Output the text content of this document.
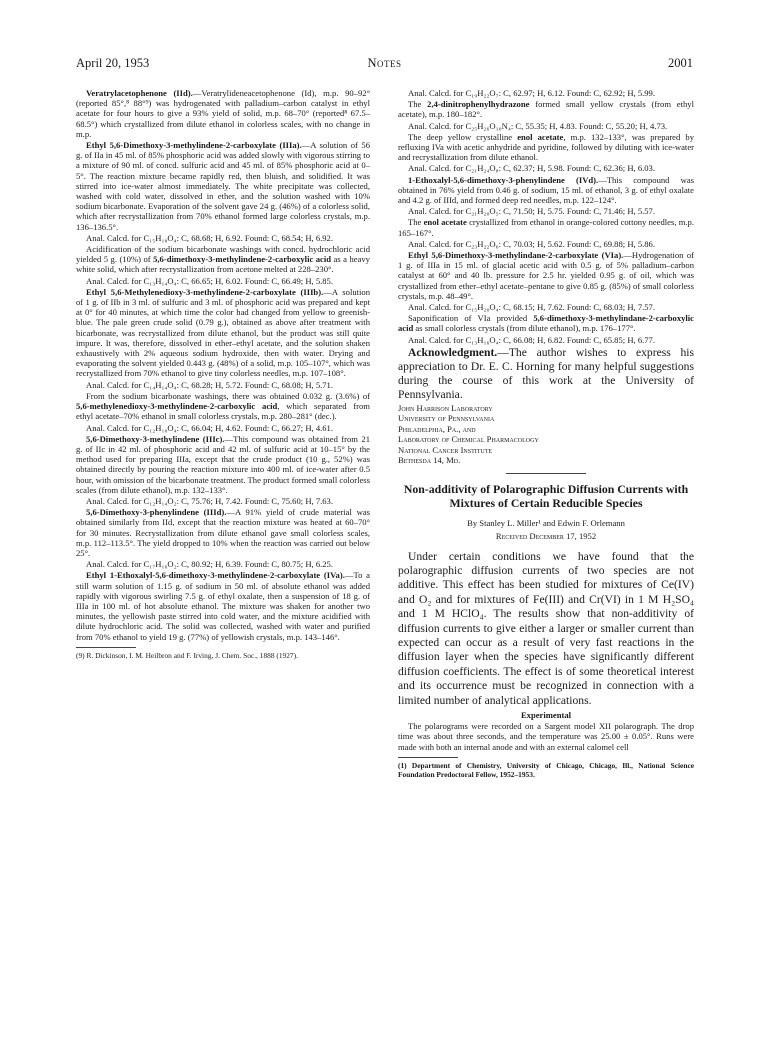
April 20, 1953	Notes	2001

Veratrylacetophenone (IId).—Veratrylideneacetophenone (Id), m.p. 90–92° (reported 85°,⁸ 88°⁹) was hydrogenated with palladium–carbon catalyst in ethyl acetate for four hours to give a 93% yield of solid, m.p. 68–70° (reported⁸ 67.5–68.5°) which crystallized from dilute ethanol in colorless scales, with no change in m.p.

Ethyl 5,6-Dimethoxy-3-methylindene-2-carboxylate (IIIa).—A solution of 56 g. of IIa in 45 ml. of 85% phosphoric acid was added slowly with vigorous stirring to a mixture of 90 ml. of concd. sulfuric acid and 45 ml. of 85% phosphoric acid at 0–5°. The reaction mixture became rapidly red, then bluish, and solidified. It was stirred into ice-water almost immediately. The white precipitate was collected, washed with cold water, dissolved in ether, and the solution washed with 10% sodium bicarbonate. Evaporation of the solvent gave 24 g. (46%) of a colorless solid, which after recrystallization from 70% ethanol formed large colorless crystals, m.p. 136–136.5°.

Anal. Calcd. for C₁₅H₁₈O₄: C, 68.68; H, 6.92. Found: C, 68.54; H, 6.92.

Acidification of the sodium bicarbonate washings with concd. hydrochloric acid yielded 5 g. (10%) of 5,6-dimethoxy-3-methylindene-2-carboxylic acid as a heavy white solid, which after recrystallization from acetone melted at 228–230°.

Anal. Calcd. for C₁₃H₁₄O₄: C, 66.65; H, 6.02. Found: C, 66.49; H, 5.85.

Ethyl 5,6-Methylenedioxy-3-methylindene-2-carboxylate (IIIb).—A solution of 1 g. of IIb in 3 ml. of sulfuric and 3 ml. of phosphoric acid was prepared and kept at 0° for 40 minutes, at which time the color had changed from yellow to greenish-blue. The pale green crude solid (0.79 g.), obtained as above after treatment with bicarbonate, was recrystallized from dilute ethanol, but the product was still quite impure. It was, therefore, dissolved in ether–ethyl acetate, and the solution shaken exhaustively with 2% aqueous sodium hydroxide, then with water. Drying and evaporating the solvent yielded 0.443 g. (48%) of a solid, m.p. 105–107°, which was recrystallized from 70% ethanol to give tiny colorless needles, m.p. 107–108°.

Anal. Calcd. for C₁₄H₁₄O₄: C, 68.28; H, 5.72. Found: C, 68.08; H, 5.71.

From the sodium bicarbonate washings, there was obtained 0.032 g. (3.6%) of 5,6-methylenedioxy-3-methylindene-2-carboxylic acid, which separated from ethyl acetate–70% ethanol in small colorless crystals, m.p. 280–281° (dec.).

Anal. Calcd. for C₁₂H₁₀O₄: C, 66.04; H, 4.62. Found: C, 66.27; H, 4.61.

5,6-Dimethoxy-3-methylindene (IIIc).—This compound was obtained from 21 g. of IIc in 42 ml. of phosphoric acid and 42 ml. of sulfuric acid at 10–15° by the method used for preparing IIIa, except that the crude product (10 g., 52%) was obtained directly by pouring the reaction mixture into 400 ml. of ice-water after 0.5 hour, with omission of the bicarbonate treatment. The product formed small colorless scales (from dilute ethanol), m.p. 132–133°.

Anal. Calcd. for C₁₂H₁₄O₂: C, 75.76; H, 7.42. Found: C, 75.60; H, 7.63.

5,6-Dimethoxy-3-phenylindene (IIId).—A 91% yield of crude material was obtained similarly from IId, except that the reaction mixture was heated at 60–70° for 30 minutes. Recrystallization from dilute ethanol gave small colorless scales, m.p. 112–113.5°. The yield dropped to 10% when the reaction was carried out below 25°.

Anal. Calcd. for C₁₇H₁₆O₂: C, 80.92; H, 6.39. Found: C, 80.75; H, 6.25.

Ethyl 1-Ethoxalyl-5,6-dimethoxy-3-methylindene-2-carboxylate (IVa).—To a still warm solution of 1.15 g. of sodium in 50 ml. of absolute ethanol was added rapidly with vigorous swirling 7.5 g. of ethyl oxalate, then a suspension of 18 g. of IIIa in 100 ml. of hot absolute ethanol. The mixture was shaken for another two minutes, the yellowish paste stirred into cold water, and the mixture acidified with dilute hydrochloric acid. The solid was collected, washed with water and purified from 70% ethanol to yield 19 g. (77%) of yellowish crystals, m.p. 143–146°.

(9) R. Dickinson, I. M. Heilbron and F. Irving, J. Chem. Soc., 1888 (1927).

Anal. Calcd. for C₁₉H₂₂O₇: C, 62.97; H, 6.12. Found: C, 62.92; H, 5.99.

The 2,4-dinitrophenylhydrazone formed small yellow crystals (from ethyl acetate), m.p. 180–182°.

Anal. Calcd. for C₂₅H₂₆O₁₀N₄: C, 55.35; H, 4.83. Found: C, 55.20; H, 4.73.

The deep yellow crystalline enol acetate, m.p. 132–133°, was prepared by refluxing IVa with acetic anhydride and pyridine, followed by diluting with ice-water and recrystallization from dilute ethanol.

Anal. Calcd. for C₂₁H₂₄O₈: C, 62.37; H, 5.98. Found: C, 62.36; H, 6.03.

1-Ethoxalyl-5,6-dimethoxy-3-phenylindene (IVd).—This compound was obtained in 76% yield from 0.46 g. of sodium, 15 ml. of ethanol, 3 g. of ethyl oxalate and 4.2 g. of IIId, and formed deep red needles, m.p. 122–124°.

Anal. Calcd. for C₂₁H₂₀O₅: C, 71.50; H, 5.75. Found: C, 71.46; H, 5.57.

The enol acetate crystallized from ethanol in orange-colored cottony needles, m.p. 165–167°.

Anal. Calcd. for C₂₃H₂₂O₆: C, 70.03; H, 5.62. Found: C, 69.88; H, 5.86.

Ethyl 5,6-Dimethoxy-3-methylindane-2-carboxylate (VIa).—Hydrogenation of 1 g. of IIIa in 15 ml. of glacial acetic acid with 0.5 g. of 5% palladium–carbon catalyst at 60° and 40 lb. pressure for 2.5 hr. yielded 0.95 g. of oil, which was crystallized from ether–ethyl acetate–pentane to give 0.85 g. (85%) of small colorless crystals, m.p. 48–49°.

Anal. Calcd. for C₁₅H₂₀O₄: C, 68.15; H, 7.62. Found: C, 68.03; H, 7.57.

Saponification of VIa provided 5,6-dimethoxy-3-methylindane-2-carboxylic acid as small colorless crystals (from dilute ethanol), m.p. 176–177°.

Anal. Calcd. for C₁₃H₁₆O₄: C, 66.08; H, 6.82. Found: C, 65.85; H, 6.77.

Acknowledgment.—The author wishes to express his appreciation to Dr. E. C. Horning for many helpful suggestions during the course of this work at the University of Pennsylvania.

John Harrison Laboratory
University of Pennsylvania
Philadelphia, Pa., and
Laboratory of Chemical Pharmacology
National Cancer Institute
Bethesda 14, Md.
Non-additivity of Polarographic Diffusion Currents with Mixtures of Certain Reducible Species
By Stanley L. Miller¹ and Edwin F. Orlemann
Received December 17, 1952

Under certain conditions we have found that the polarographic diffusion currents of two species are not additive. This effect has been studied for mixtures of Ce(IV) and O₂ and for mixtures of Fe(III) and Cr(VI) in 1 M H₂SO₄ and 1 M HClO₄. The results show that non-additivity of diffusion currents to give either a larger or smaller current than expected can occur as a result of very fast reactions in the diffusion layer when the species have significantly different diffusion coefficients. The effect is of some theoretical interest and its occurrence must be recognized in connection with a limited number of analytical applications.

Experimental

The polarograms were recorded on a Sargent model XII polarograph. The drop time was about three seconds, and the temperature was 25.00 ± 0.05°. Runs were made with both an internal anode and with an external calomel cell

(1) Department of Chemistry, University of Chicago, Chicago, Ill., National Science Foundation Predoctoral Fellow, 1952–1953.
